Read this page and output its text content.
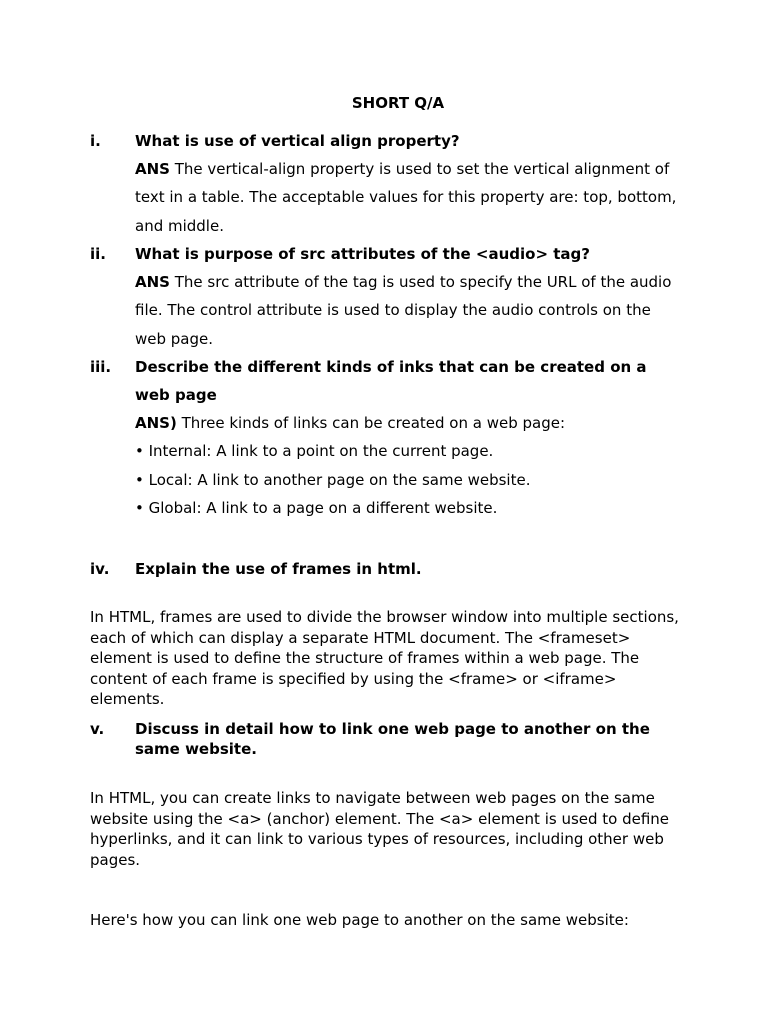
SHORT Q/A
i. What is use of vertical align property?
ANS The vertical-align property is used to set the vertical alignment of text in a table. The acceptable values for this property are: top, bottom, and middle.
ii. What is purpose of src attributes of the <audio> tag?
ANS The src attribute of the tag is used to specify the URL of the audio file. The control attribute is used to display the audio controls on the web page.
iii. Describe the different kinds of inks that can be created on a web page
ANS) Three kinds of links can be created on a web page:
• Internal: A link to a point on the current page.
• Local: A link to another page on the same website.
• Global: A link to a page on a different website.
iv. Explain the use of frames in html.
In HTML, frames are used to divide the browser window into multiple sections, each of which can display a separate HTML document. The <frameset> element is used to define the structure of frames within a web page. The content of each frame is specified by using the <frame> or <iframe> elements.
v. Discuss in detail how to link one web page to another on the same website.
In HTML, you can create links to navigate between web pages on the same website using the <a> (anchor) element. The <a> element is used to define hyperlinks, and it can link to various types of resources, including other web pages.
Here's how you can link one web page to another on the same website:
